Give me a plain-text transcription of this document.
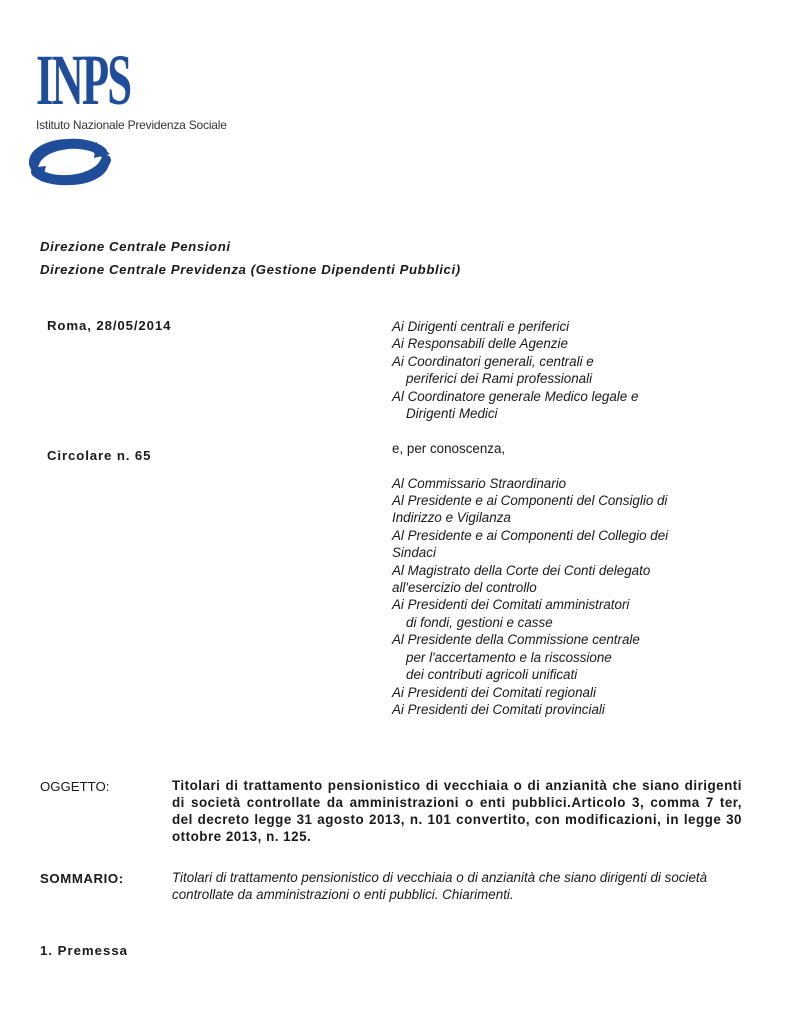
INPS
Istituto Nazionale Previdenza Sociale
Direzione Centrale Pensioni
Direzione Centrale Previdenza (Gestione Dipendenti Pubblici)
Roma, 28/05/2014
Circolare n. 65
Ai Dirigenti centrali e periferici
Ai Responsabili delle Agenzie
Ai Coordinatori generali, centrali e
periferici dei Rami professionali
Al Coordinatore generale Medico legale e
Dirigenti Medici
e, per conoscenza,
Al Commissario Straordinario
Al Presidente e ai Componenti del Consiglio di
Indirizzo e Vigilanza
Al Presidente e ai Componenti del Collegio dei
Sindaci
Al Magistrato della Corte dei Conti delegato
all'esercizio del controllo
Ai Presidenti dei Comitati amministratori
di fondi, gestioni e casse
Al Presidente della Commissione centrale
per l'accertamento e la riscossione
dei contributi agricoli unificati
Ai Presidenti dei Comitati regionali
Ai Presidenti dei Comitati provinciali
OGGETTO:	Titolari di trattamento pensionistico di vecchiaia o di anzianità che siano dirigenti di società controllate da amministrazioni o enti pubblici.Articolo 3, comma 7 ter, del decreto legge 31 agosto 2013, n. 101 convertito, con modificazioni, in legge 30 ottobre 2013, n. 125.
SOMMARIO:	Titolari di trattamento pensionistico di vecchiaia o di anzianità che siano dirigenti di società controllate da amministrazioni o enti pubblici. Chiarimenti.
1. Premessa
